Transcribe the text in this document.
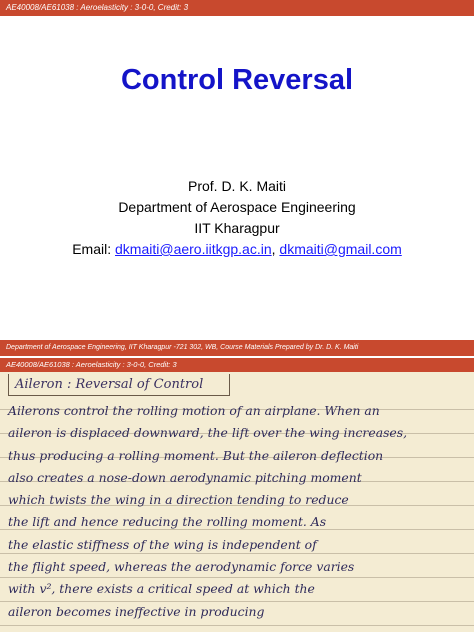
AE40008/AE61038 : Aeroelasticity : 3-0-0, Credit: 3
Control Reversal
Prof. D. K. Maiti
Department of Aerospace Engineering
IIT Kharagpur
Email: dkmaiti@aero.iitkgp.ac.in, dkmaiti@gmail.com
Department of Aerospace Engineering, IIT Kharagpur -721 302, WB, Course Materials Prepared by Dr. D. K. Maiti
AE40008/AE61038 : Aeroelasticity : 3-0-0, Credit: 3
Aileron : Reversal of Control
Ailerons control the rolling motion of an airplane. When an
aileron is displaced downward, the lift over the wing increases,
thus producing a rolling moment. But the aileron deflection
also creates a nose-down aerodynamic pitching moment
which twists the wing in a direction tending to reduce
the lift and hence reducing the rolling moment. As
the elastic stiffness of the wing is independent of
the flight speed, whereas the aerodynamic force varies
with v², there exists a critical speed at which the
aileron becomes ineffective in producing
